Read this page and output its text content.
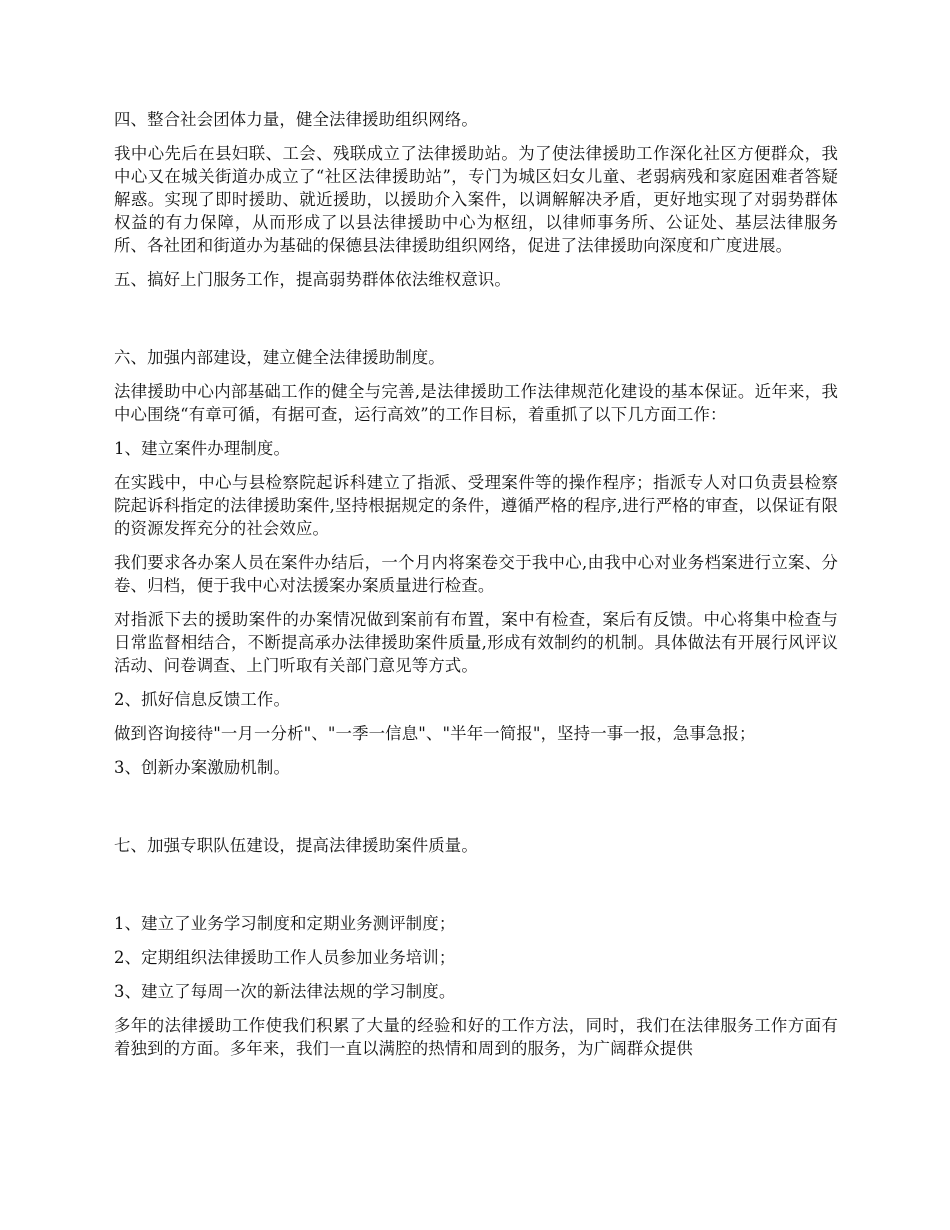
四、整合社会团体力量，健全法律援助组织网络。

我中心先后在县妇联、工会、残联成立了法律援助站。为了使法律援助工作深化社区方便群众，我中心又在城关街道办成立了“社区法律援助站”，专门为城区妇女儿童、老弱病残和家庭困难者答疑解惑。实现了即时援助、就近援助，以援助介入案件，以调解解决矛盾，更好地实现了对弱势群体权益的有力保障，从而形成了以县法律援助中心为枢纽，以律师事务所、公证处、基层法律服务所、各社团和街道办为基础的保德县法律援助组织网络，促进了法律援助向深度和广度进展。

五、搞好上门服务工作，提高弱势群体依法维权意识。

六、加强内部建设，建立健全法律援助制度。

法律援助中心内部基础工作的健全与完善,是法律援助工作法律规范化建设的基本保证。近年来，我中心围绕“有章可循，有据可查，运行高效”的工作目标，着重抓了以下几方面工作：

1、建立案件办理制度。

在实践中，中心与县检察院起诉科建立了指派、受理案件等的操作程序；指派专人对口负责县检察院起诉科指定的法律援助案件,坚持根据规定的条件，遵循严格的程序,进行严格的审查，以保证有限的资源发挥充分的社会效应。

我们要求各办案人员在案件办结后，一个月内将案卷交于我中心,由我中心对业务档案进行立案、分卷、归档，便于我中心对法援案办案质量进行检查。

对指派下去的援助案件的办案情况做到案前有布置，案中有检查，案后有反馈。中心将集中检查与日常监督相结合，不断提高承办法律援助案件质量,形成有效制约的机制。具体做法有开展行风评议活动、问卷调查、上门听取有关部门意见等方式。

2、抓好信息反馈工作。

做到咨询接待"一月一分析"、"一季一信息"、"半年一简报"，坚持一事一报，急事急报；

3、创新办案激励机制。

七、加强专职队伍建设，提高法律援助案件质量。

1、建立了业务学习制度和定期业务测评制度；

2、定期组织法律援助工作人员参加业务培训；

3、建立了每周一次的新法律法规的学习制度。

多年的法律援助工作使我们积累了大量的经验和好的工作方法，同时，我们在法律服务工作方面有着独到的方面。多年来，我们一直以满腔的热情和周到的服务，为广阔群众提供
